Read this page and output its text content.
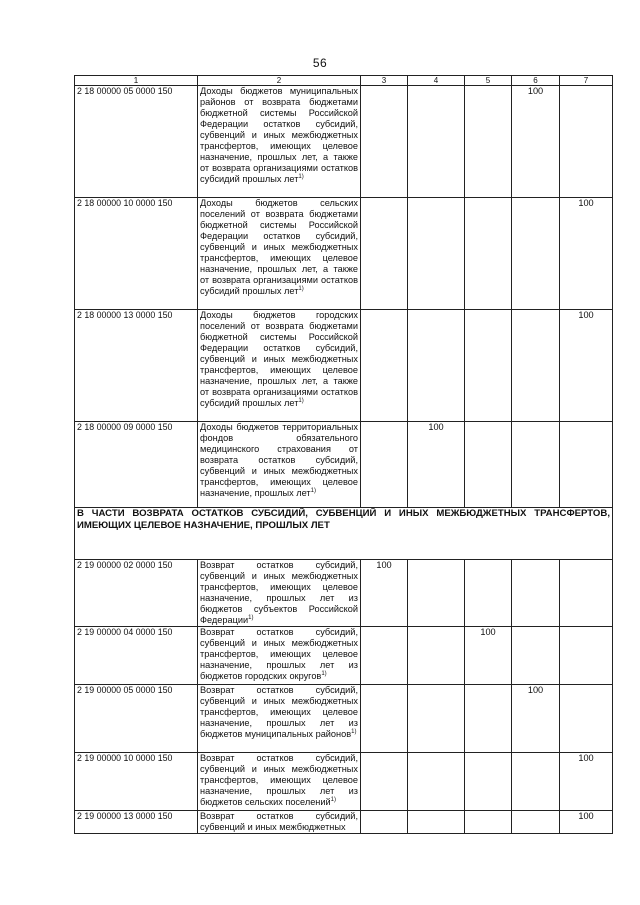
56
1	2	3	4	5	6	7
2 18 00000 05 0000 150	Доходы бюджетов муниципальных районов от возврата бюджетами бюджетной системы Российской Федерации остатков субсидий, субвенций и иных межбюджетных трансфертов, имеющих целевое назначение, прошлых лет, а также от возврата организациями остатков субсидий прошлых лет$^{1)}$				100	
2 18 00000 10 0000 150	Доходы бюджетов сельских поселений от возврата бюджетами бюджетной системы Российской Федерации остатков субсидий, субвенций и иных межбюджетных трансфертов, имеющих целевое назначение, прошлых лет, а также от возврата организациями остатков субсидий прошлых лет$^{1)}$					100
2 18 00000 13 0000 150	Доходы бюджетов городских поселений от возврата бюджетами бюджетной системы Российской Федерации остатков субсидий, субвенций и иных межбюджетных трансфертов, имеющих целевое назначение, прошлых лет, а также от возврата организациями остатков субсидий прошлых лет$^{1)}$					100
2 18 00000 09 0000 150	Доходы бюджетов территориальных фондов обязательного медицинского страхования от возврата остатков субсидий, субвенций и иных межбюджетных трансфертов, имеющих целевое назначение, прошлых лет$^{1)}$		100			
В ЧАСТИ ВОЗВРАТА ОСТАТКОВ СУБСИДИЙ, СУБВЕНЦИЙ И ИНЫХ МЕЖБЮДЖЕТНЫХ ТРАНСФЕРТОВ, ИМЕЮЩИХ ЦЕЛЕВОЕ НАЗНАЧЕНИЕ, ПРОШЛЫХ ЛЕТ						
2 19 00000 02 0000 150	Возврат остатков субсидий, субвенций и иных межбюджетных трансфертов, имеющих целевое назначение, прошлых лет из бюджетов субъектов Российской Федерации$^{1)}$	100				
2 19 00000 04 0000 150	Возврат остатков субсидий, субвенций и иных межбюджетных трансфертов, имеющих целевое назначение, прошлых лет из бюджетов городских округов$^{1)}$			100		
2 19 00000 05 0000 150	Возврат остатков субсидий, субвенций и иных межбюджетных трансфертов, имеющих целевое назначение, прошлых лет из бюджетов муниципальных районов$^{1)}$				100	
2 19 00000 10 0000 150	Возврат остатков субсидий, субвенций и иных межбюджетных трансфертов, имеющих целевое назначение, прошлых лет из бюджетов сельских поселений$^{1)}$					100
2 19 00000 13 0000 150	Возврат остатков субсидий, субвенций и иных межбюджетных					100
